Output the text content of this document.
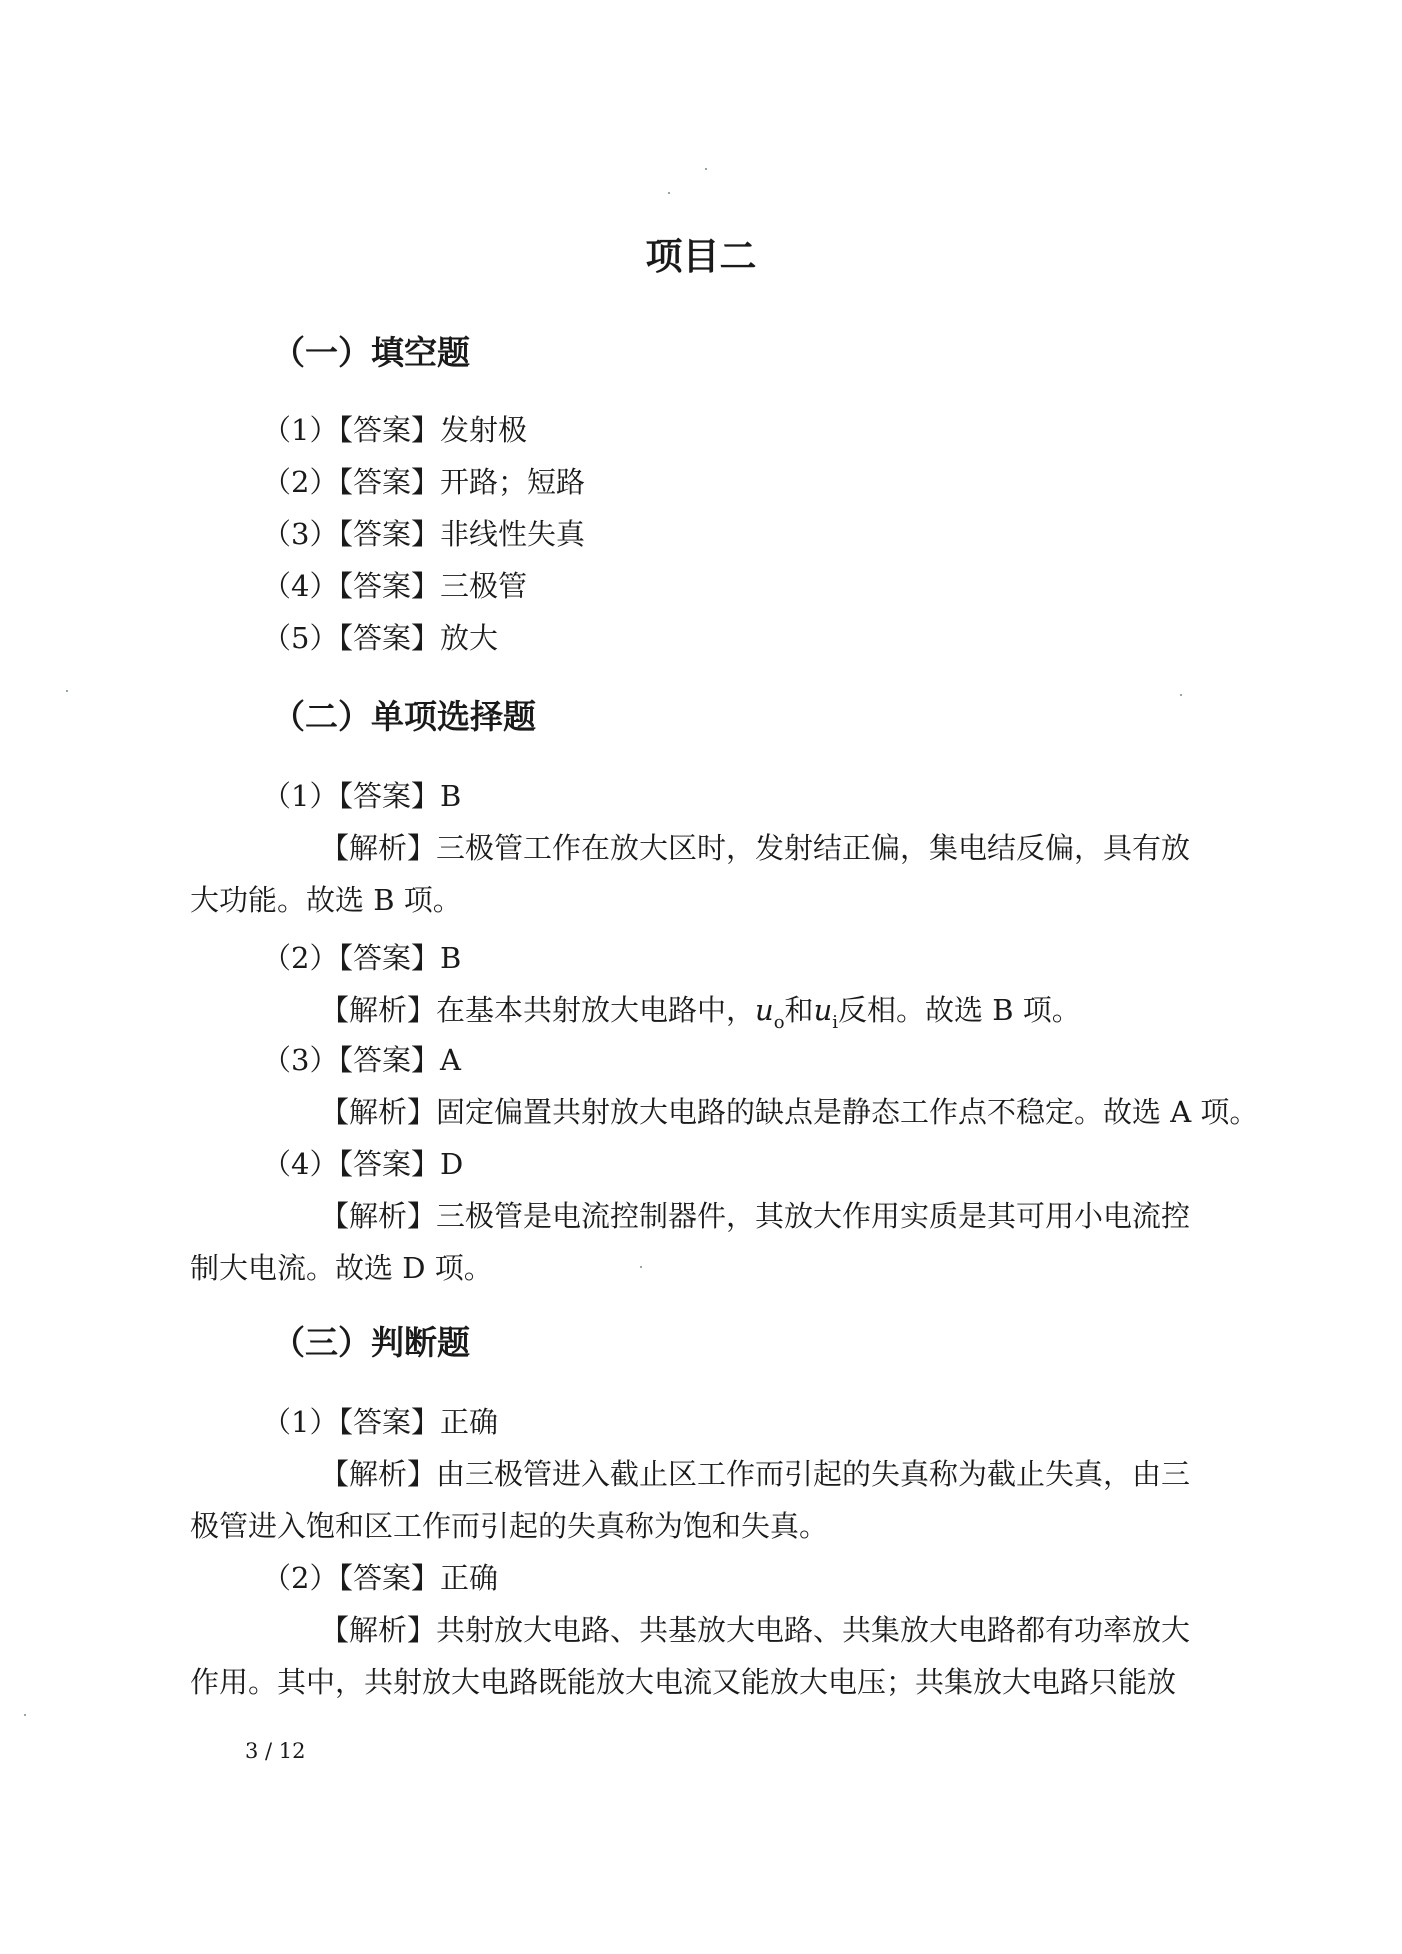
项目二
（一）填空题

（1）【答案】发射极

（2）【答案】开路；短路

（3）【答案】非线性失真

（4）【答案】三极管

（5）【答案】放大

（二）单项选择题

（1）【答案】B

【解析】三极管工作在放大区时，发射结正偏，集电结反偏，具有放

大功能。故选 B 项。

（2）【答案】B

【解析】在基本共射放大电路中，$u_o$和$u_i$反相。故选 B 项。

（3）【答案】A

【解析】固定偏置共射放大电路的缺点是静态工作点不稳定。故选 A 项。

（4）【答案】D

【解析】三极管是电流控制器件，其放大作用实质是其可用小电流控

制大电流。故选 D 项。

（三）判断题

（1）【答案】正确

【解析】由三极管进入截止区工作而引起的失真称为截止失真，由三

极管进入饱和区工作而引起的失真称为饱和失真。

（2）【答案】正确

【解析】共射放大电路、共基放大电路、共集放大电路都有功率放大

作用。其中，共射放大电路既能放大电流又能放大电压；共集放大电路只能放

3 / 12
